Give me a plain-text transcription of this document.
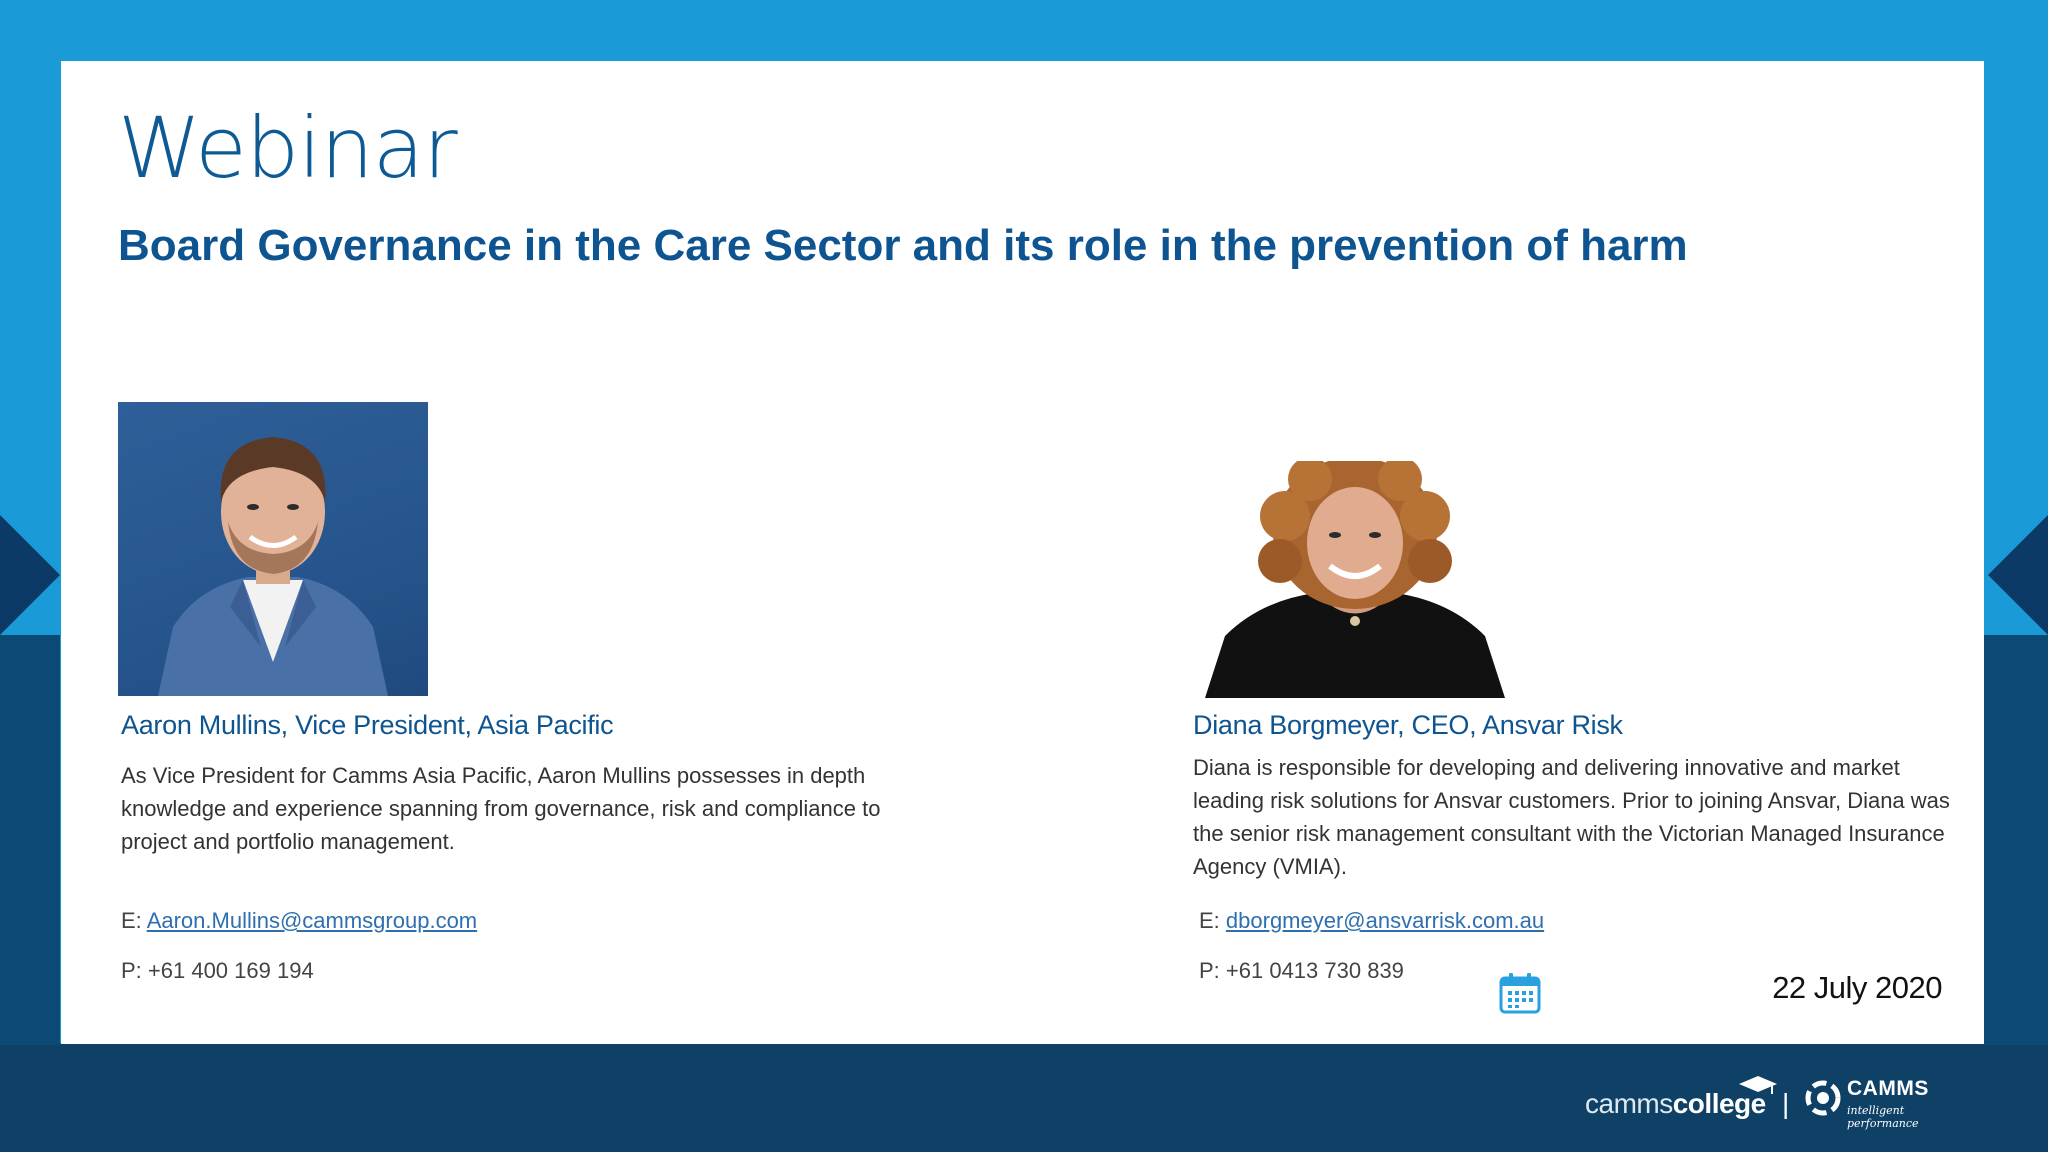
Webinar
Board Governance in the Care Sector and its role in the prevention of harm

Aaron Mullins, Vice President, Asia Pacific

As Vice President for Camms Asia Pacific, Aaron Mullins possesses in depth knowledge and experience spanning from governance, risk and compliance to project and portfolio management.

E: Aaron.Mullins@cammsgroup.com

P: +61 400 169 194

Diana Borgmeyer, CEO, Ansvar Risk

Diana is responsible for developing and delivering innovative and market leading risk solutions for Ansvar customers. Prior to joining Ansvar, Diana was the senior risk management consultant with the Victorian Managed Insurance Agency (VMIA).

E: dborgmeyer@ansvarrisk.com.au

P: +61 0413 730 839	22 July 2020

cammscollege |	CAMMS
intelligent performance
